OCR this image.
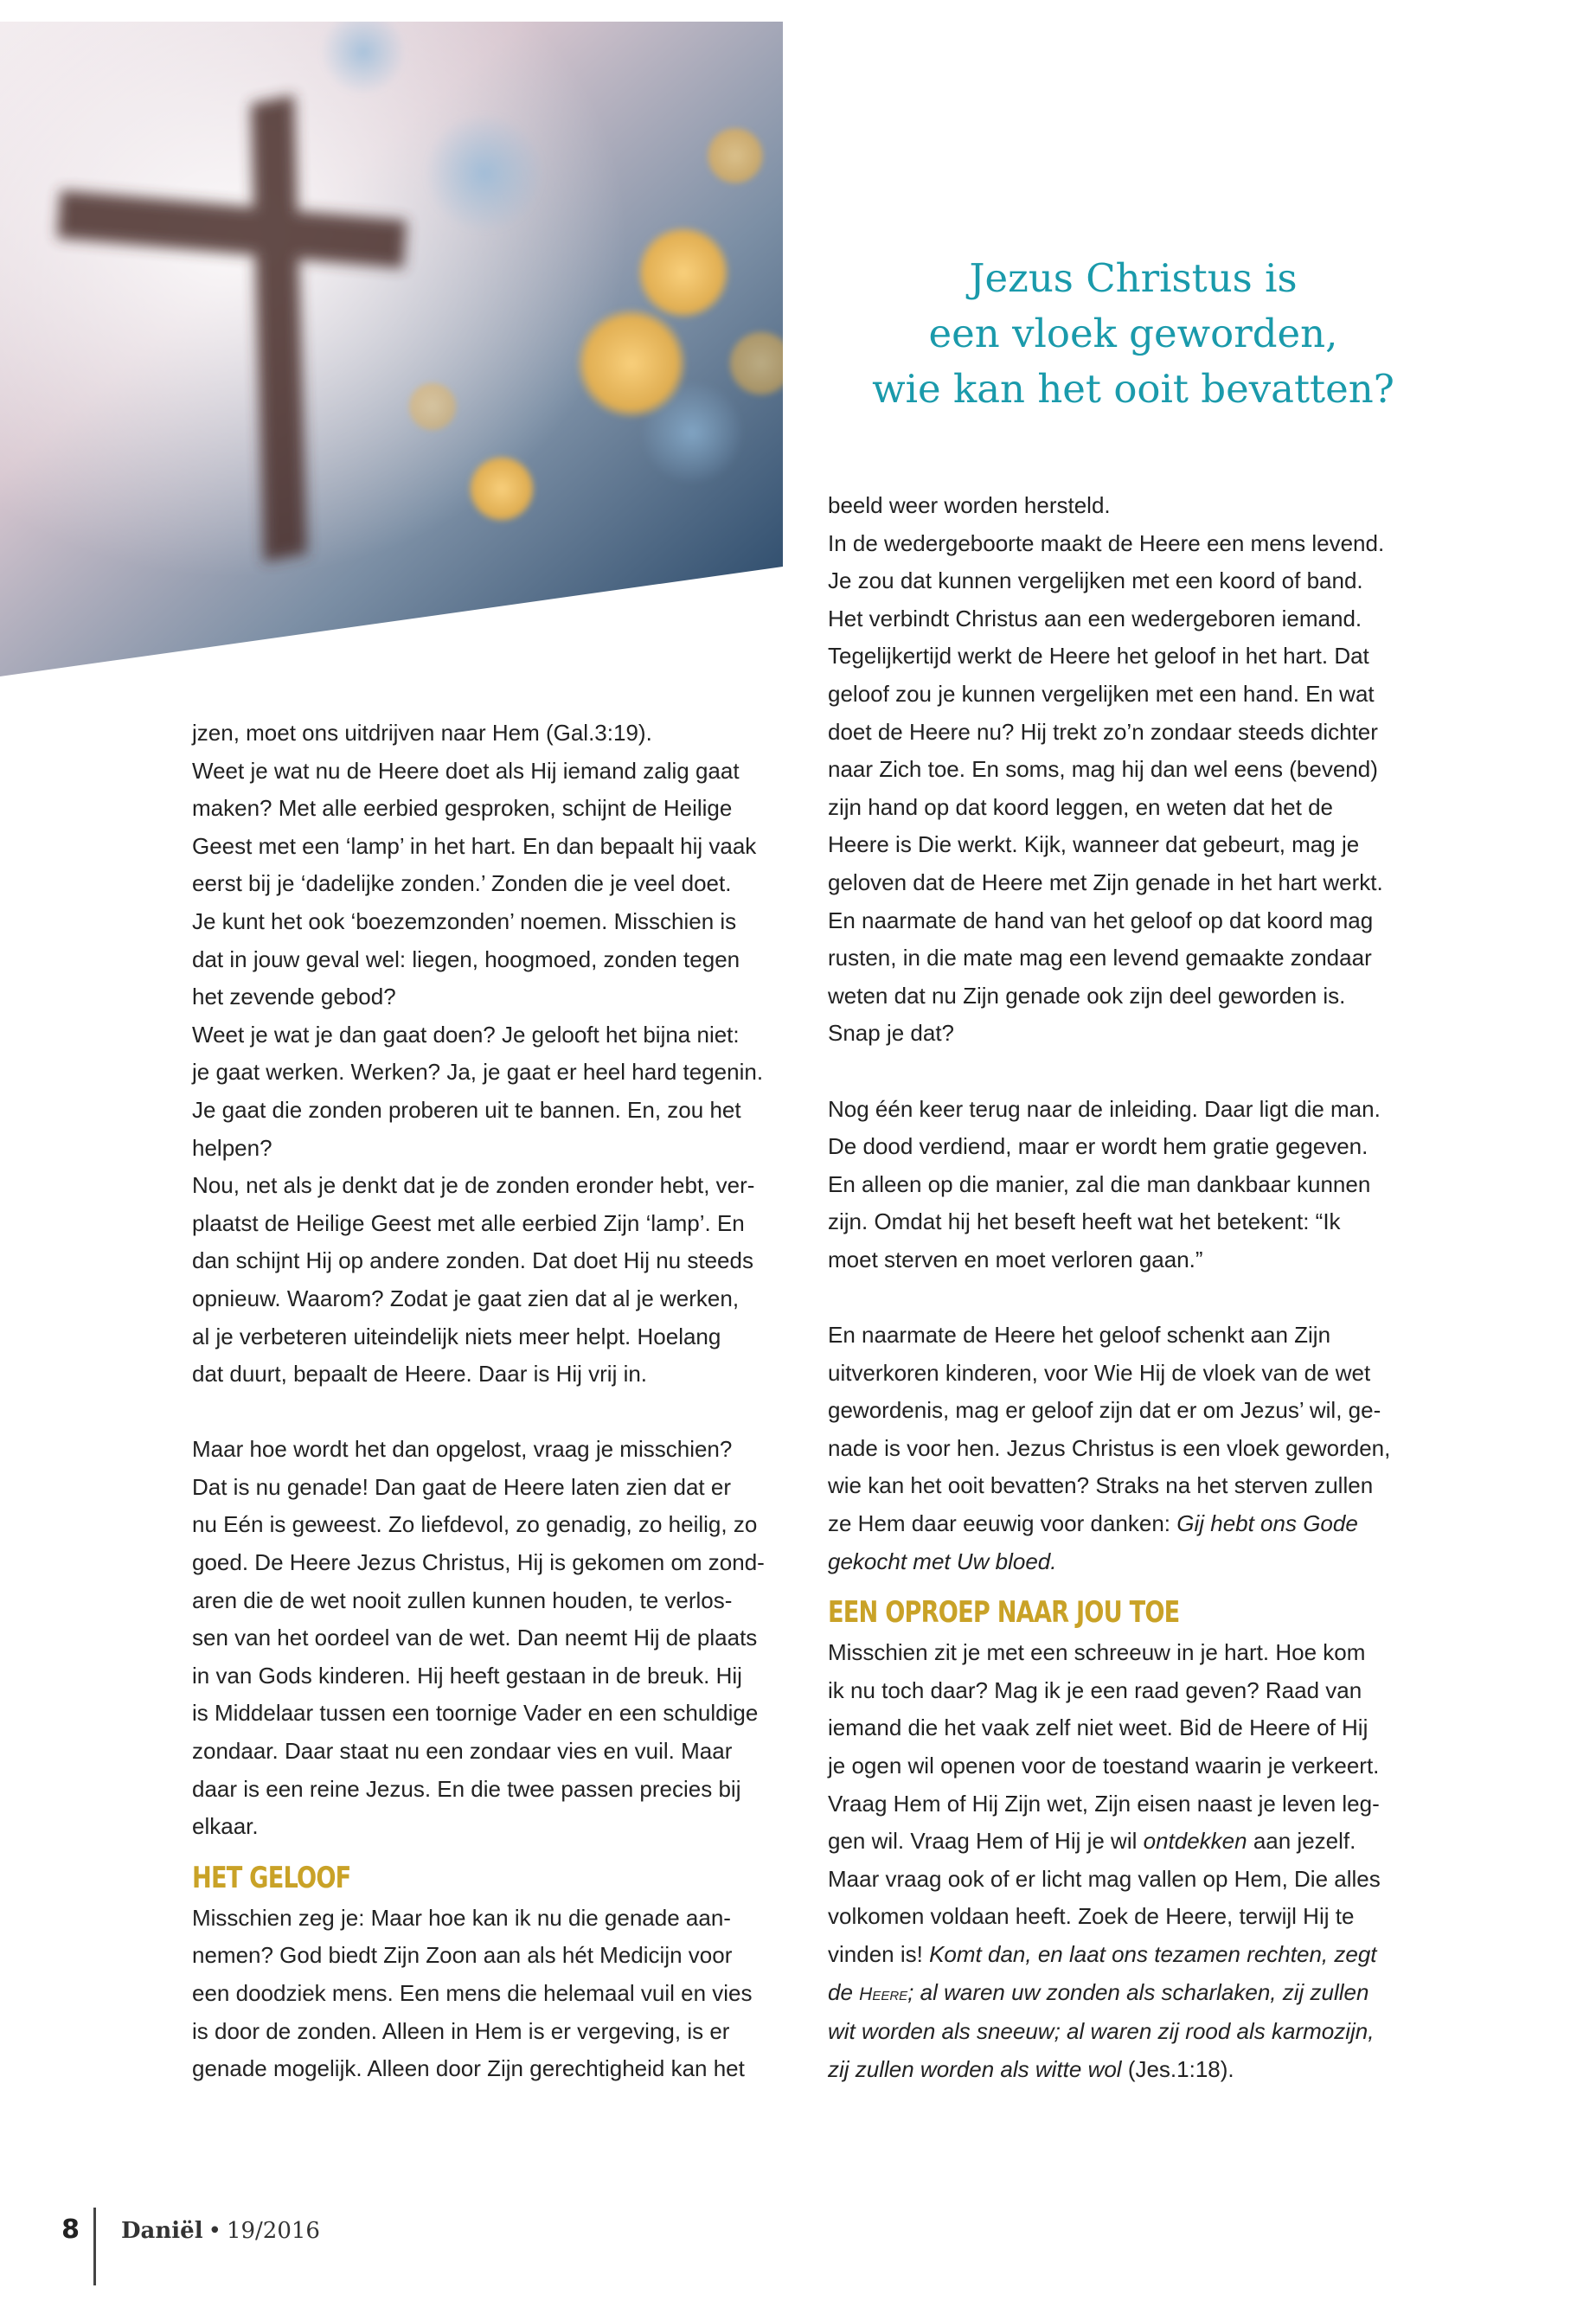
Jezus Christus is
een vloek geworden,
wie kan het ooit bevatten?

jzen, moet ons uitdrijven naar Hem (Gal.3:19).

Weet je wat nu de Heere doet als Hij iemand zalig gaat

maken? Met alle eerbied gesproken, schijnt de Heilige

Geest met een ‘lamp’ in het hart. En dan bepaalt hij vaak

eerst bij je ‘dadelijke zonden.’ Zonden die je veel doet.

Je kunt het ook ‘boezemzonden’ noemen. Misschien is

dat in jouw geval wel: liegen, hoogmoed, zonden tegen

het zevende gebod?

Weet je wat je dan gaat doen? Je gelooft het bijna niet:

je gaat werken. Werken? Ja, je gaat er heel hard tegenin.

Je gaat die zonden proberen uit te bannen. En, zou het

helpen?

Nou, net als je denkt dat je de zonden eronder hebt, ver-

plaatst de Heilige Geest met alle eerbied Zijn ‘lamp’. En

dan schijnt Hij op andere zonden. Dat doet Hij nu steeds

opnieuw. Waarom? Zodat je gaat zien dat al je werken,

al je verbeteren uiteindelijk niets meer helpt. Hoelang

dat duurt, bepaalt de Heere. Daar is Hij vrij in.

Maar hoe wordt het dan opgelost, vraag je misschien?

Dat is nu genade! Dan gaat de Heere laten zien dat er

nu Eén is geweest. Zo liefdevol, zo genadig, zo heilig, zo

goed. De Heere Jezus Christus, Hij is gekomen om zond-

aren die de wet nooit zullen kunnen houden, te verlos-

sen van het oordeel van de wet. Dan neemt Hij de plaats

in van Gods kinderen. Hij heeft gestaan in de breuk. Hij

is Middelaar tussen een toornige Vader en een schuldige

zondaar. Daar staat nu een zondaar vies en vuil. Maar

daar is een reine Jezus. En die twee passen precies bij

elkaar.

HET GELOOF

Misschien zeg je: Maar hoe kan ik nu die genade aan-

nemen? God biedt Zijn Zoon aan als hét Medicijn voor

een doodziek mens. Een mens die helemaal vuil en vies

is door de zonden. Alleen in Hem is er vergeving, is er

genade mogelijk. Alleen door Zijn gerechtigheid kan het

beeld weer worden hersteld.

In de wedergeboorte maakt de Heere een mens levend.

Je zou dat kunnen vergelijken met een koord of band.

Het verbindt Christus aan een wedergeboren iemand.

Tegelijkertijd werkt de Heere het geloof in het hart. Dat

geloof zou je kunnen vergelijken met een hand. En wat

doet de Heere nu? Hij trekt zo’n zondaar steeds dichter

naar Zich toe. En soms, mag hij dan wel eens (bevend)

zijn hand op dat koord leggen, en weten dat het de

Heere is Die werkt. Kijk, wanneer dat gebeurt, mag je

geloven dat de Heere met Zijn genade in het hart werkt.

En naarmate de hand van het geloof op dat koord mag

rusten, in die mate mag een levend gemaakte zondaar

weten dat nu Zijn genade ook zijn deel geworden is.

Snap je dat?

Nog één keer terug naar de inleiding. Daar ligt die man.

De dood verdiend, maar er wordt hem gratie gegeven.

En alleen op die manier, zal die man dankbaar kunnen

zijn. Omdat hij het beseft heeft wat het betekent: “Ik

moet sterven en moet verloren gaan.”

En naarmate de Heere het geloof schenkt aan Zijn

uitverkoren kinderen, voor Wie Hij de vloek van de wet

gewordenis, mag er geloof zijn dat er om Jezus’ wil, ge-

nade is voor hen. Jezus Christus is een vloek geworden,

wie kan het ooit bevatten? Straks na het sterven zullen

ze Hem daar eeuwig voor danken: Gij hebt ons Gode

gekocht met Uw bloed.

EEN OPROEP NAAR JOU TOE

Misschien zit je met een schreeuw in je hart. Hoe kom

ik nu toch daar? Mag ik je een raad geven? Raad van

iemand die het vaak zelf niet weet. Bid de Heere of Hij

je ogen wil openen voor de toestand waarin je verkeert.

Vraag Hem of Hij Zijn wet, Zijn eisen naast je leven leg-

gen wil. Vraag Hem of Hij je wil ontdekken aan jezelf.

Maar vraag ook of er licht mag vallen op Hem, Die alles

volkomen voldaan heeft. Zoek de Heere, terwijl Hij te

vinden is! Komt dan, en laat ons tezamen rechten, zegt

de Heere; al waren uw zonden als scharlaken, zij zullen

wit worden als sneeuw; al waren zij rood als karmozijn,

zij zullen worden als witte wol (Jes.1:18).

8 Daniël • 19/2016
